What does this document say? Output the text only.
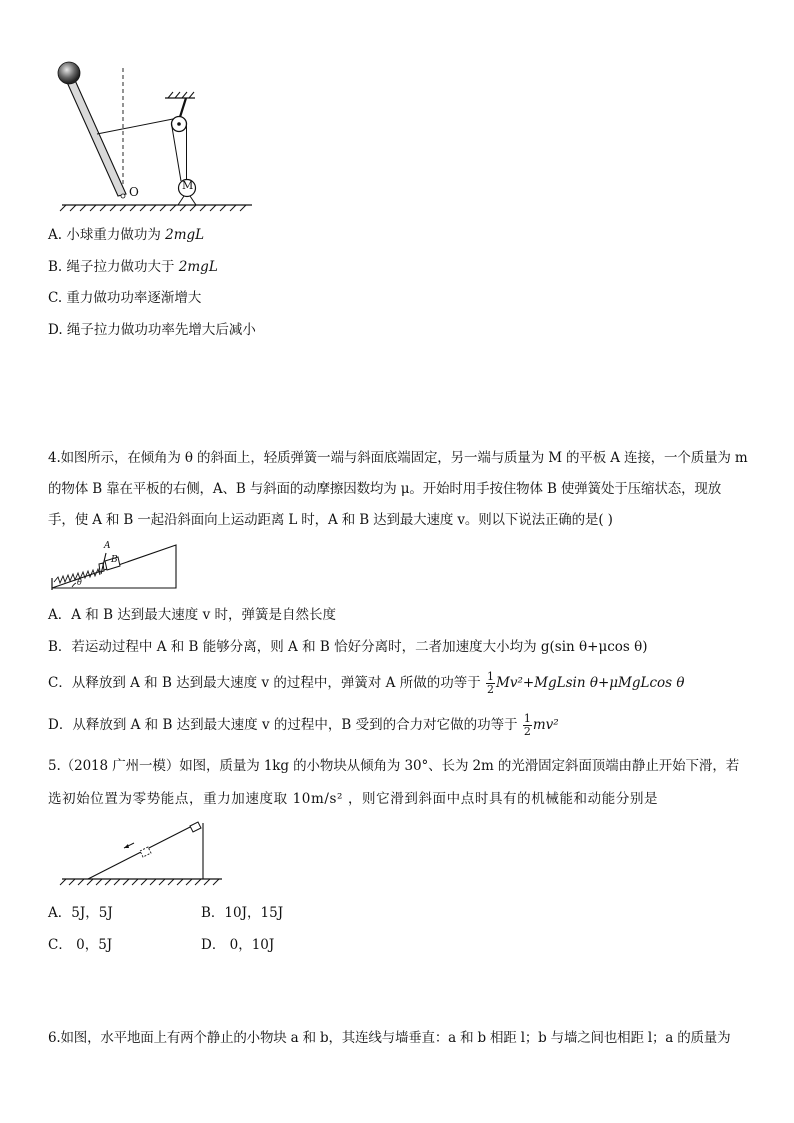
M
O
A. 小球重力做功为 2mgL
B. 绳子拉力做功大于 2mgL
C. 重力做功功率逐渐增大
D. 绳子拉力做功功率先增大后减小
4.如图所示，在倾角为 θ 的斜面上，轻质弹簧一端与斜面底端固定，另一端与质量为 M 的平板 A 连接，一个质量为 m
的物体 B 靠在平板的右侧，A、B 与斜面的动摩擦因数均为 μ。开始时用手按住物体 B 使弹簧处于压缩状态，现放
手，使 A 和 B 一起沿斜面向上运动距离 L 时，A 和 B 达到最大速度 v。则以下说法正确的是( )
A
B
θ
A．A 和 B 达到最大速度 v 时，弹簧是自然长度
B．若运动过程中 A 和 B 能够分离，则 A 和 B 恰好分离时，二者加速度大小均为 g(sin θ+μcos θ)
C．从释放到 A 和 B 达到最大速度 v 的过程中，弹簧对 A 所做的功等于 $\frac{1}{2} Mv^2+MgLsin$ θ+μMgLcos θ
D．从释放到 A 和 B 达到最大速度 v 的过程中，B 受到的合力对它做的功等于 $\frac{1}{2} mv^2$
5.（2018 广州一模）如图，质量为 1kg 的小物块从倾角为 30°、长为 2m 的光滑固定斜面顶端由静止开始下滑，若
选初始位置为零势能点，重力加速度取 10m/s² ，则它滑到斜面中点时具有的机械能和动能分别是
A．5J，5J	B．10J，15J
C． 0，5J	D． 0，10J
6.如图，水平地面上有两个静止的小物块 a 和 b，其连线与墙垂直：a 和 b 相距 l；b 与墙之间也相距 l；a 的质量为
